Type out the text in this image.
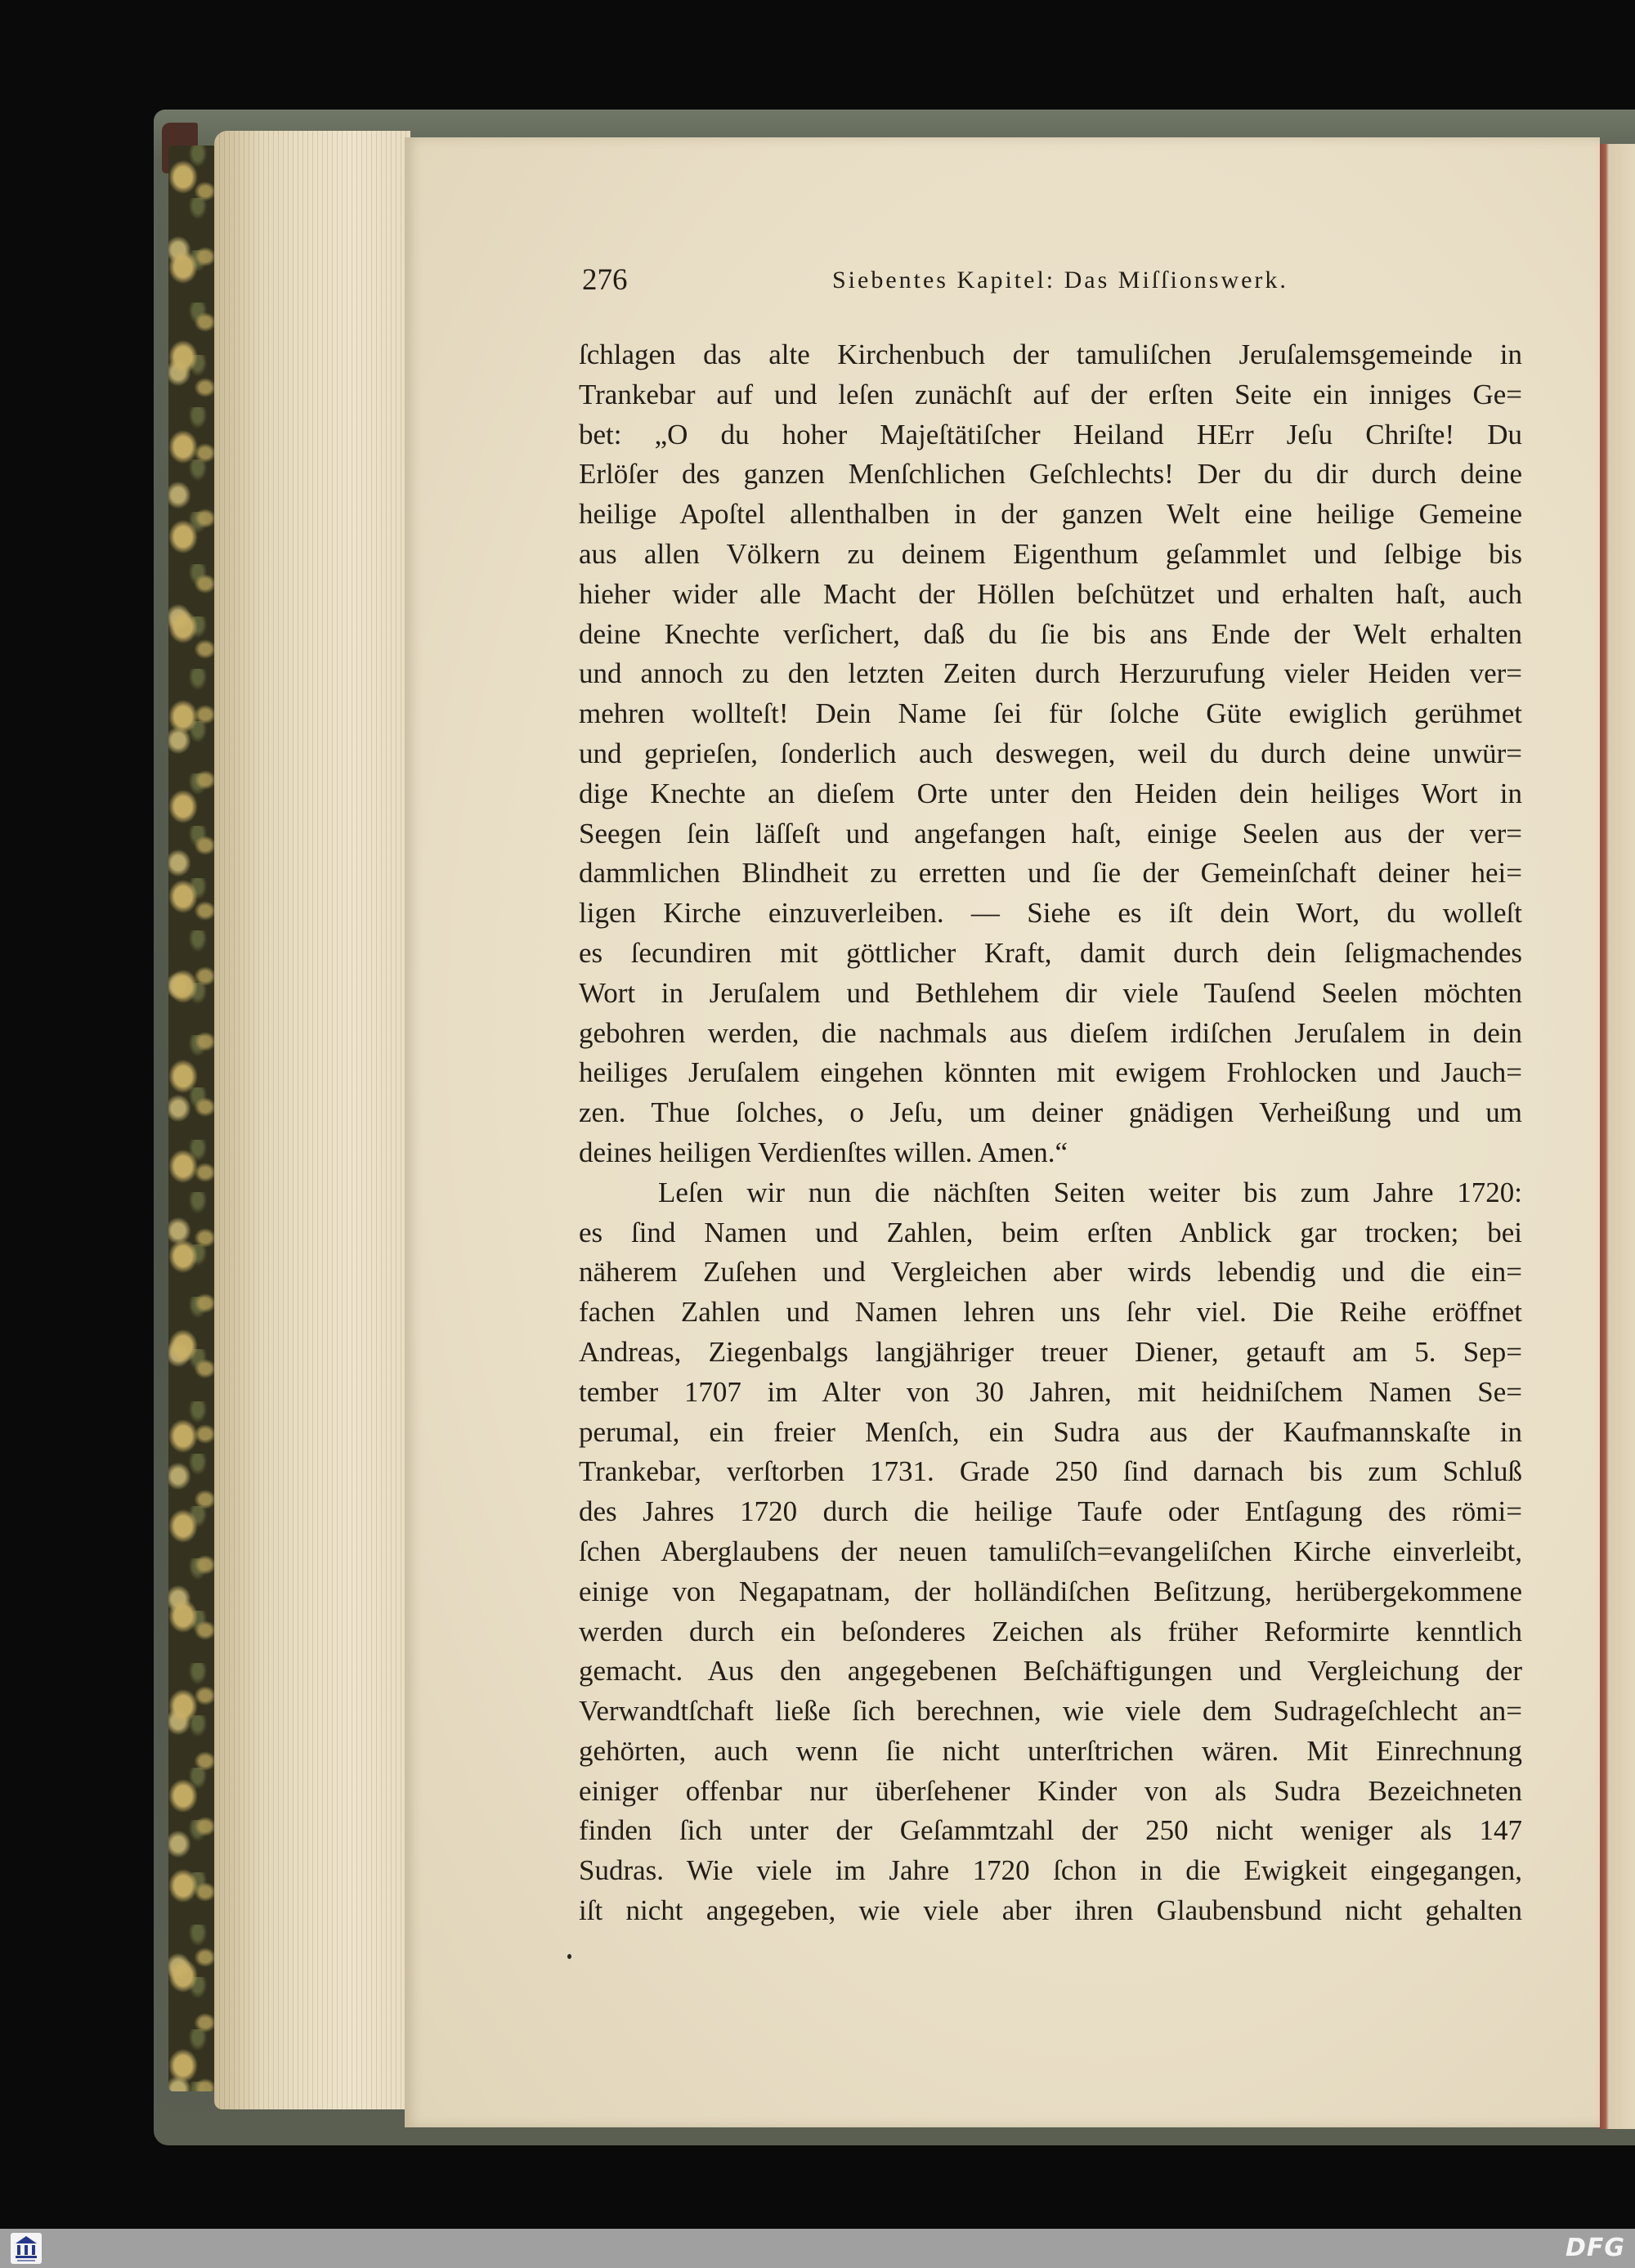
276	Siebentes Kapitel: Das Miſſionswerk.
ſchlagen das alte Kirchenbuch der tamuliſchen Jeruſalemsgemeinde in
Trankebar auf und leſen zunächſt auf der erſten Seite ein inniges Ge=
bet: „O du hoher Majeſtätiſcher Heiland HErr Jeſu Chriſte! Du
Erlöſer des ganzen Menſchlichen Geſchlechts! Der du dir durch deine
heilige Apoſtel allenthalben in der ganzen Welt eine heilige Gemeine
aus allen Völkern zu deinem Eigenthum geſammlet und ſelbige bis
hieher wider alle Macht der Höllen beſchützet und erhalten haſt, auch
deine Knechte verſichert, daß du ſie bis ans Ende der Welt erhalten
und annoch zu den letzten Zeiten durch Herzurufung vieler Heiden ver=
mehren wollteſt! Dein Name ſei für ſolche Güte ewiglich gerühmet
und geprieſen, ſonderlich auch deswegen, weil du durch deine unwür=
dige Knechte an dieſem Orte unter den Heiden dein heiliges Wort in
Seegen ſein läſſeſt und angefangen haſt, einige Seelen aus der ver=
dammlichen Blindheit zu erretten und ſie der Gemeinſchaft deiner hei=
ligen Kirche einzuverleiben. — Siehe es iſt dein Wort, du wolleſt
es ſecundiren mit göttlicher Kraft, damit durch dein ſeligmachendes
Wort in Jeruſalem und Bethlehem dir viele Tauſend Seelen möchten
gebohren werden, die nachmals aus dieſem irdiſchen Jeruſalem in dein
heiliges Jeruſalem eingehen könnten mit ewigem Frohlocken und Jauch=
zen. Thue ſolches, o Jeſu, um deiner gnädigen Verheißung und um
deines heiligen Verdienſtes willen. Amen.“
Leſen wir nun die nächſten Seiten weiter bis zum Jahre 1720:
es ſind Namen und Zahlen, beim erſten Anblick gar trocken; bei
näherem Zuſehen und Vergleichen aber wirds lebendig und die ein=
fachen Zahlen und Namen lehren uns ſehr viel. Die Reihe eröffnet
Andreas, Ziegenbalgs langjähriger treuer Diener, getauft am 5. Sep=
tember 1707 im Alter von 30 Jahren, mit heidniſchem Namen Se=
perumal, ein freier Menſch, ein Sudra aus der Kaufmannskaſte in
Trankebar, verſtorben 1731. Grade 250 ſind darnach bis zum Schluß
des Jahres 1720 durch die heilige Taufe oder Entſagung des römi=
ſchen Aberglaubens der neuen tamuliſch=evangeliſchen Kirche einverleibt,
einige von Negapatnam, der holländiſchen Beſitzung, herübergekommene
werden durch ein beſonderes Zeichen als früher Reformirte kenntlich
gemacht. Aus den angegebenen Beſchäftigungen und Vergleichung der
Verwandtſchaft ließe ſich berechnen, wie viele dem Sudrageſchlecht an=
gehörten, auch wenn ſie nicht unterſtrichen wären. Mit Einrechnung
einiger offenbar nur überſehener Kinder von als Sudra Bezeichneten
finden ſich unter der Geſammtzahl der 250 nicht weniger als 147
Sudras. Wie viele im Jahre 1720 ſchon in die Ewigkeit eingegangen,
iſt nicht angegeben, wie viele aber ihren Glaubensbund nicht gehalten
DFG
